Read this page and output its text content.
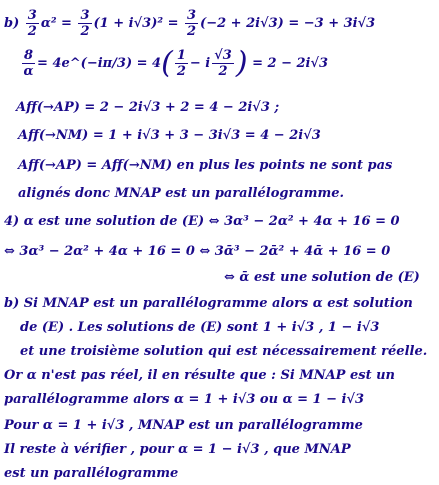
$b) \frac{3}{2} \alpha^2 = \frac{3}{2} (1 + i√3)^2 = \frac{3}{2} (-2 + 2i√3) = -3 + 3i√3$
$\frac{8}{\alpha}$ = 4e^(−iπ/3) = $4( \frac{1}{2} - i \frac{√3}{2}$ ) = 2 − 2i√3
Aff(→AP) = 2 − 2i√3 + 2 = 4 − 2i√3 ;
Aff(→NM) = 1 + i√3 + 3 − 3i√3 = 4 − 2i√3
Aff(→AP) = Aff(→NM) en plus les points ne sont pas
alignés donc MNAP est un parallélogramme.
4) α est une solution de (E) ⇔ 3α³ − 2α² + 4α + 16 = 0
⇔ 3α³ − 2α² + 4α + 16 = 0 ⇔ 3ᾱ³ − 2ᾱ² + 4ᾱ + 16 = 0
⇔ ᾱ est une solution de (E)
b) Si MNAP est un parallélogramme alors α est solution
de (E) . Les solutions de (E) sont 1 + i√3 , 1 − i√3
et une troisième solution qui est nécessairement réelle.
Or α n'est pas réel, il en résulte que : Si MNAP est un
parallélogramme alors α = 1 + i√3 ou α = 1 − i√3
Pour α = 1 + i√3 , MNAP est un parallélogramme
Il reste à vérifier , pour α = 1 − i√3 , que MNAP
est un parallélogramme
